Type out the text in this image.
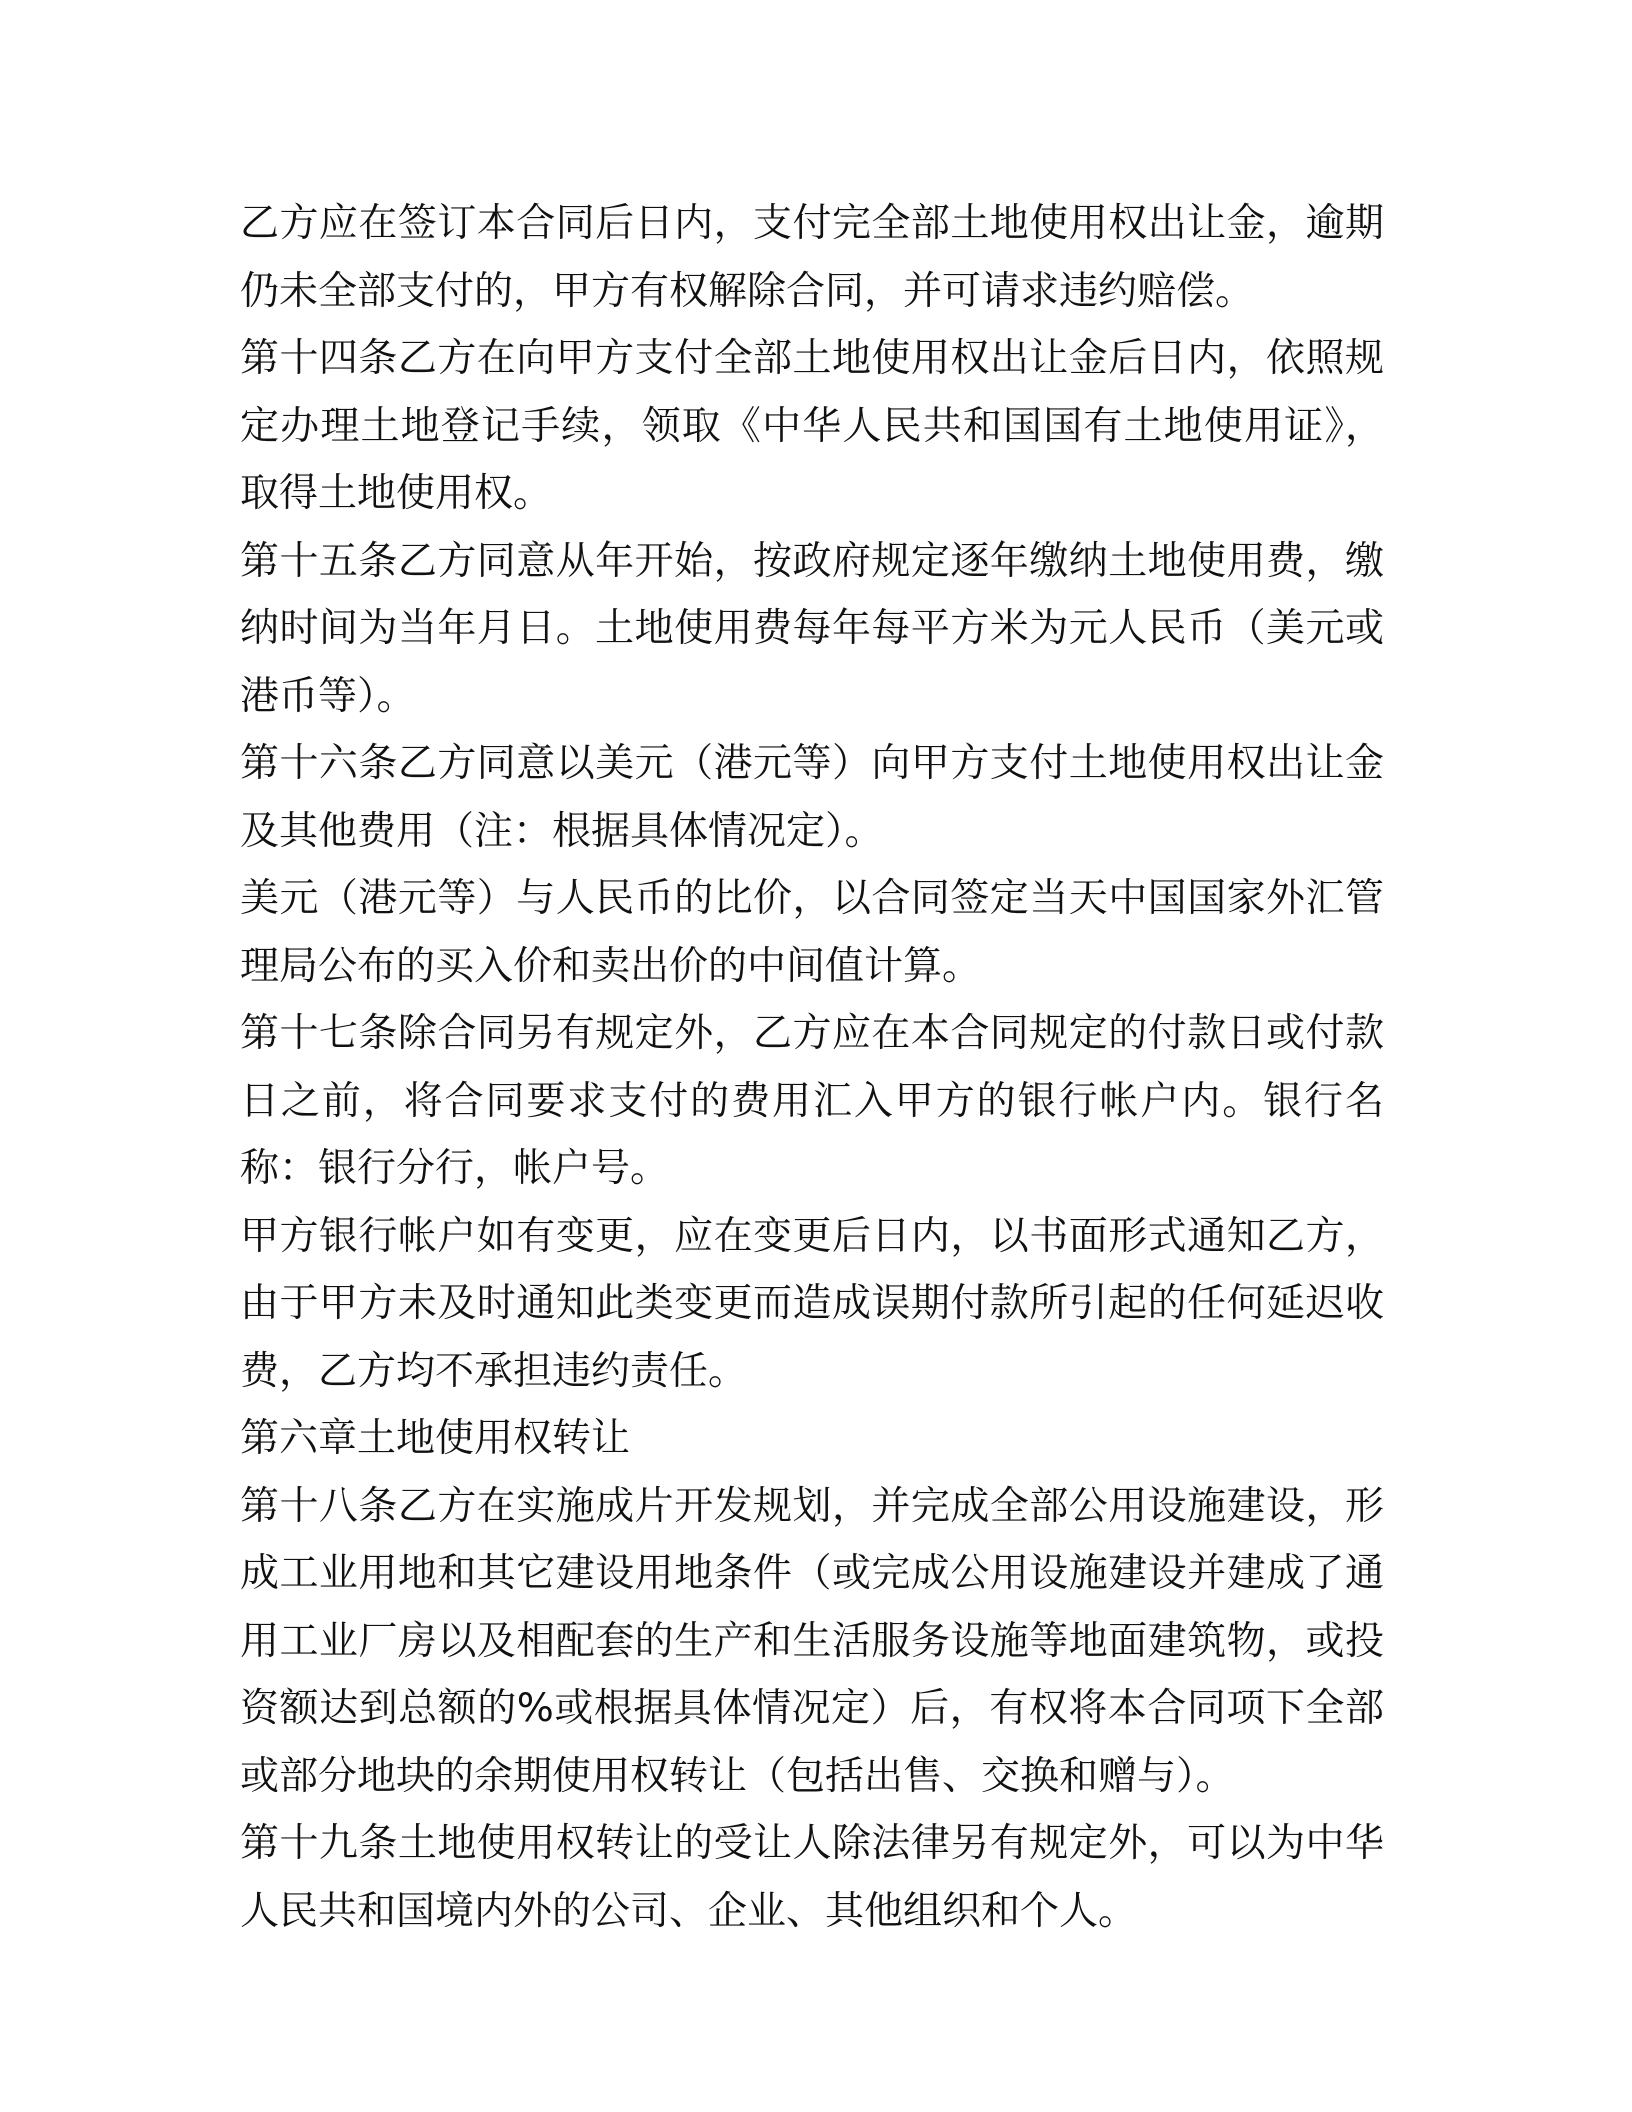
乙方应在签订本合同后日内，支付完全部土地使用权出让金，逾期仍未全部支付的，甲方有权解除合同，并可请求违约赔偿。

第十四条乙方在向甲方支付全部土地使用权出让金后日内，依照规定办理土地登记手续，领取《中华人民共和国国有土地使用证》，取得土地使用权。

第十五条乙方同意从年开始，按政府规定逐年缴纳土地使用费，缴纳时间为当年月日。土地使用费每年每平方米为元人民币（美元或港币等）。

第十六条乙方同意以美元（港元等）向甲方支付土地使用权出让金及其他费用（注：根据具体情况定）。

美元（港元等）与人民币的比价，以合同签定当天中国国家外汇管理局公布的买入价和卖出价的中间值计算。

第十七条除合同另有规定外，乙方应在本合同规定的付款日或付款日之前，将合同要求支付的费用汇入甲方的银行帐户内。银行名称：银行分行，帐户号。

甲方银行帐户如有变更，应在变更后日内，以书面形式通知乙方，由于甲方未及时通知此类变更而造成误期付款所引起的任何延迟收费，乙方均不承担违约责任。

第六章土地使用权转让

第十八条乙方在实施成片开发规划，并完成全部公用设施建设，形成工业用地和其它建设用地条件（或完成公用设施建设并建成了通用工业厂房以及相配套的生产和生活服务设施等地面建筑物，或投资额达到总额的%或根据具体情况定）后，有权将本合同项下全部或部分地块的余期使用权转让（包括出售、交换和赠与）。

第十九条土地使用权转让的受让人除法律另有规定外，可以为中华人民共和国境内外的公司、企业、其他组织和个人。
